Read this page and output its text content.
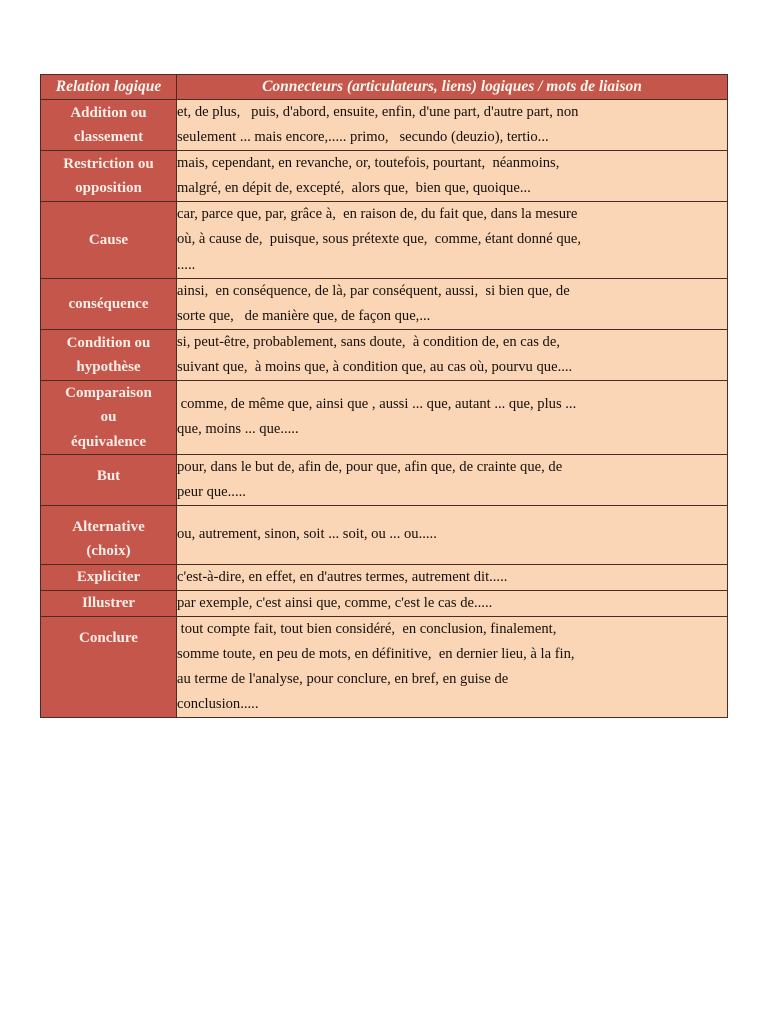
Relation logique	Connecteurs (articulateurs, liens) logiques / mots de liaison

Addition ou
classement	et, de plus,   puis, d'abord, ensuite, enfin, d'une part, d'autre part, non
seulement ... mais encore,..... primo,   secundo (deuzio), tertio...

Restriction ou
opposition	mais, cependant, en revanche, or, toutefois, pourtant,  néanmoins,
malgré, en dépit de, excepté,  alors que,  bien que, quoique...

Cause	car, parce que, par, grâce à,  en raison de, du fait que, dans la mesure
où, à cause de,  puisque, sous prétexte que,  comme, étant donné que,
.....

conséquence	ainsi,  en conséquence, de là, par conséquent, aussi,  si bien que, de
sorte que,   de manière que, de façon que,...

Condition ou
hypothèse	si, peut-être, probablement, sans doute,  à condition de, en cas de,
suivant que,  à moins que, à condition que, au cas où, pourvu que....

Comparaison
ou
équivalence	comme, de même que, ainsi que , aussi ... que, autant ... que, plus ...
que, moins ... que.....

But	pour, dans le but de, afin de, pour que, afin que, de crainte que, de
peur que.....

Alternative
(choix)	ou, autrement, sinon, soit ... soit, ou ... ou.....

Expliciter	c'est-à-dire, en effet, en d'autres termes, autrement dit.....

Illustrer	par exemple, c'est ainsi que, comme, c'est le cas de.....

Conclure	tout compte fait, tout bien considéré,  en conclusion, finalement,
somme toute, en peu de mots, en définitive,  en dernier lieu, à la fin,
au terme de l'analyse, pour conclure, en bref, en guise de
conclusion.....
